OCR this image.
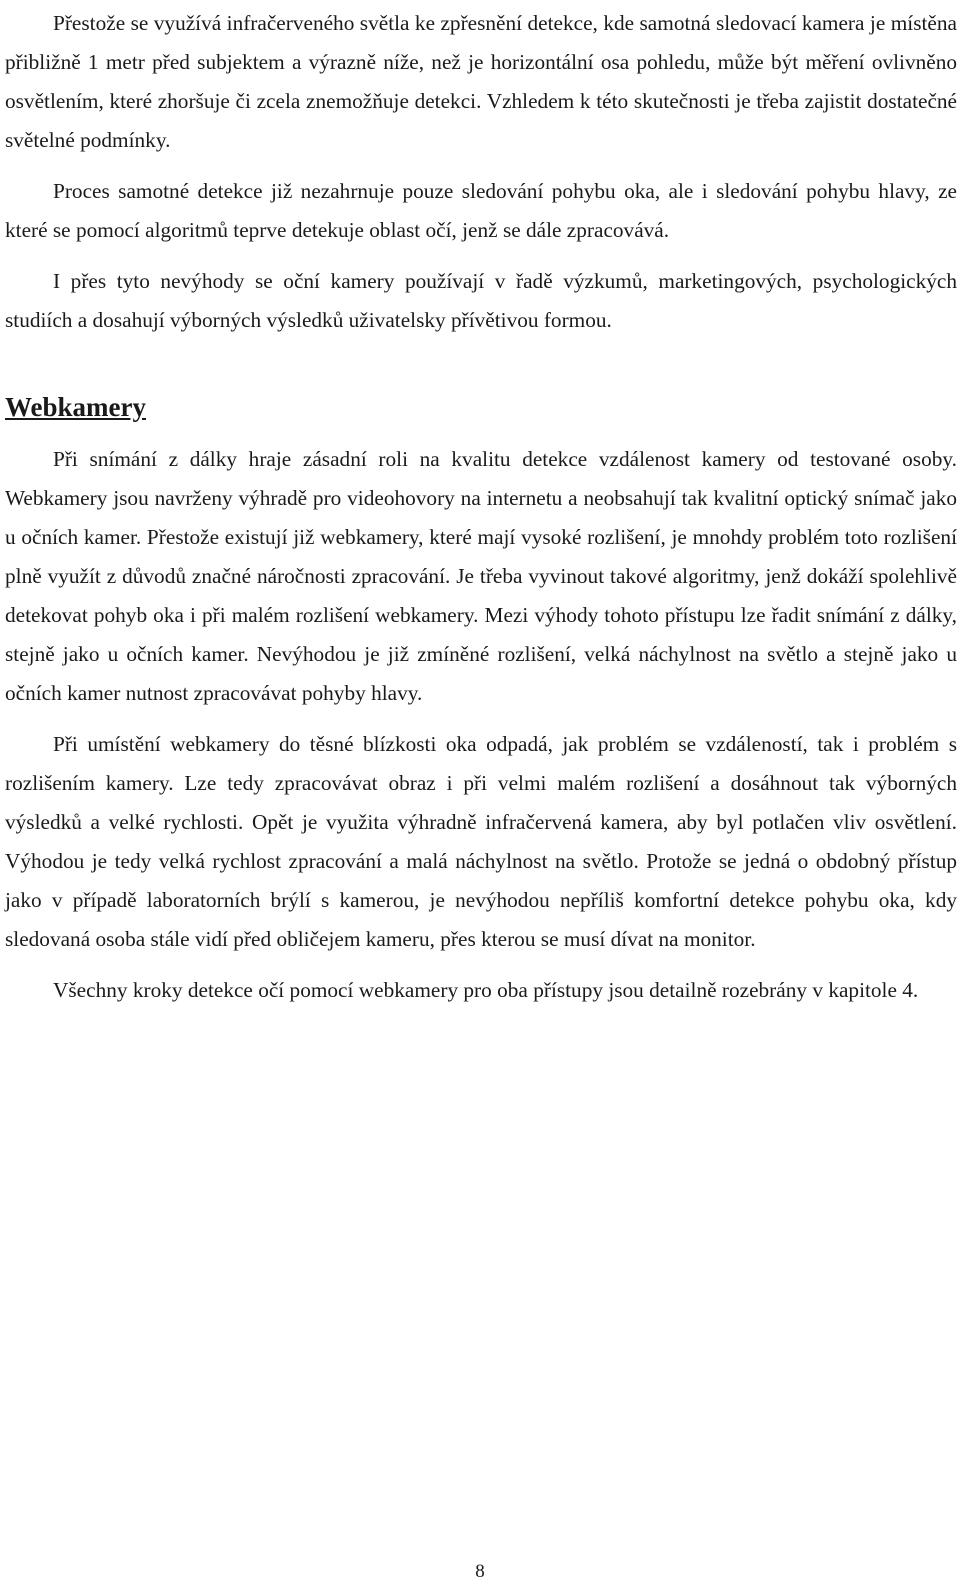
Přestože se využívá infračerveného světla ke zpřesnění detekce, kde samotná sledovací kamera je místěna přibližně 1 metr před subjektem a výrazně níže, než je horizontální osa pohledu, může být měření ovlivněno osvětlením, které zhoršuje či zcela znemožňuje detekci. Vzhledem k této skutečnosti je třeba zajistit dostatečné světelné podmínky.

Proces samotné detekce již nezahrnuje pouze sledování pohybu oka, ale i sledování pohybu hlavy, ze které se pomocí algoritmů teprve detekuje oblast očí, jenž se dále zpracovává.

I přes tyto nevýhody se oční kamery používají v řadě výzkumů, marketingových, psychologických studiích a dosahují výborných výsledků uživatelsky přívětivou formou.

Webkamery

Při snímání z dálky hraje zásadní roli na kvalitu detekce vzdálenost kamery od testované osoby. Webkamery jsou navrženy výhradě pro videohovory na internetu a neobsahují tak kvalitní optický snímač jako u očních kamer. Přestože existují již webkamery, které mají vysoké rozlišení, je mnohdy problém toto rozlišení plně využít z důvodů značné náročnosti zpracování. Je třeba vyvinout takové algoritmy, jenž dokáží spolehlivě detekovat pohyb oka i při malém rozlišení webkamery. Mezi výhody tohoto přístupu lze řadit snímání z dálky, stejně jako u očních kamer. Nevýhodou je již zmíněné rozlišení, velká náchylnost na světlo a stejně jako u očních kamer nutnost zpracovávat pohyby hlavy.

Při umístění webkamery do těsné blízkosti oka odpadá, jak problém se vzdáleností, tak i problém s rozlišením kamery. Lze tedy zpracovávat obraz i při velmi malém rozlišení a dosáhnout tak výborných výsledků a velké rychlosti. Opět je využita výhradně infračervená kamera, aby byl potlačen vliv osvětlení. Výhodou je tedy velká rychlost zpracování a malá náchylnost na světlo. Protože se jedná o obdobný přístup jako v případě laboratorních brýlí s kamerou, je nevýhodou nepříliš komfortní detekce pohybu oka, kdy sledovaná osoba stále vidí před obličejem kameru, přes kterou se musí dívat na monitor.

Všechny kroky detekce očí pomocí webkamery pro oba přístupy jsou detailně rozebrány v kapitole 4.

8
